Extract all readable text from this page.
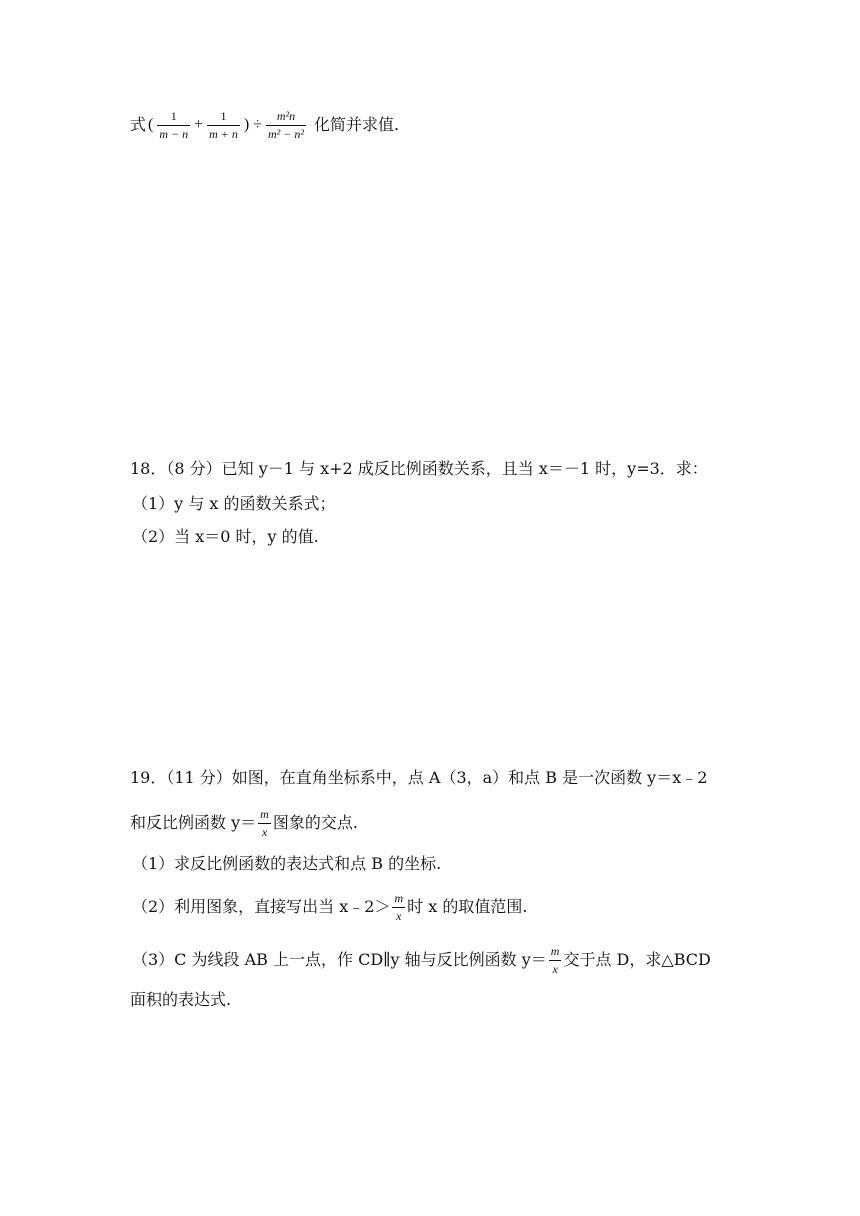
式 ( $\frac{1}{m - n} + \frac{1}{m + n}$ ) ÷ $\frac{\text{m²n}}{\text{m² − n²}}$ 化简并求值.
18．（8 分）已知 y－1 与 x+2 成反比例函数关系，且当 x＝－1 时，y=3．求：
（1）y 与 x 的函数关系式；
（2）当 x＝0 时，y 的值.
19．（11 分）如图，在直角坐标系中，点 A（3，a）和点 B 是一次函数 y＝x﹣2
和反比例函数 $y= \frac{m}{x}$ 图象的交点.
（1）求反比例函数的表达式和点 B 的坐标.
（2）利用图象，直接写出当 x﹣2＞ $\frac{m}{x}$ 时 x 的取值范围.
（3）C 为线段 AB 上一点，作 CD∥y 轴与反比例函数 $y= \frac{m}{x}$ 交于点 D，求△BCD
面积的表达式.
